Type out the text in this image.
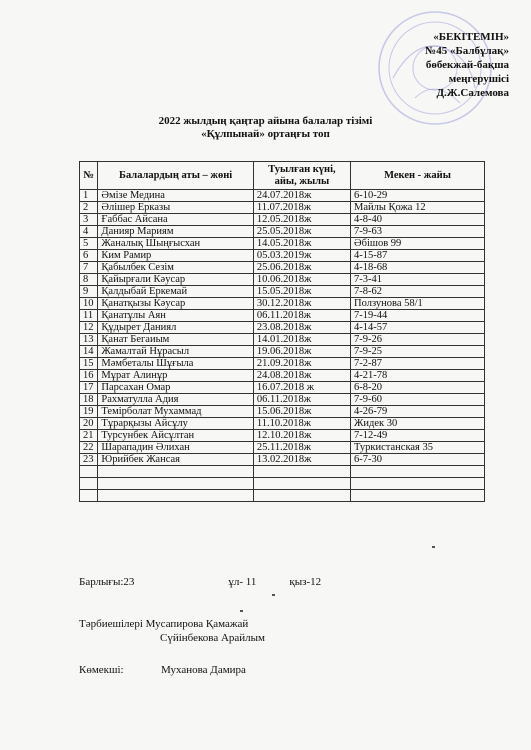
«БЕКІТЕМІН»
№45 «Балбұлақ»
бөбекжай-бақша
меңгерушісі
Д.Ж.Салемова
2022 жылдың қаңтар айына балалар тізімі
«Құлпынай» ортаңғы топ
№	Балалардың аты – жөні	Туылған күні, айы, жылы	Мекен - жайы
1	Әмізе Медина	24.07.2018ж	6-10-29
2	Әлішер Ерказы	11.07.2018ж	Майлы Қожа 12
3	Ғаббас Айсана	12.05.2018ж	4-8-40
4	Данияр Мариям	25.05.2018ж	7-9-63
5	Жаналық Шыңғысхан	14.05.2018ж	Әбішов 99
6	Ким Рамир	05.03.2019ж	4-15-87
7	Қабылбек Сезім	25.06.2018ж	4-18-68
8	Қайырғали Кәусар	10.06.2018ж	7-3-41
9	Қалдыбай Еркемай	15.05.2018ж	7-8-62
10	Қанатқызы Кәусар	30.12.2018ж	Ползунова 58/1
11	Қанатұлы Аян	06.11.2018ж	7-19-44
12	Құдырет Даниял	23.08.2018ж	4-14-57
13	Қанат Бегаиым	14.01.2018ж	7-9-26
14	Жамалтай Нұрасыл	19.06.2018ж	7-9-25
15	Мәмбеталы Шұғыла	21.09.2018ж	7-2-87
16	Мұрат Алинұр	24.08.2018ж	4-21-78
17	Парсахан Омар	16.07.2018 ж	6-8-20
18	Рахматулла Адия	06.11.2018ж	7-9-60
19	Темірболат Мухаммад	15.06.2018ж	4-26-79
20	Тұрарқызы Айсұлу	11.10.2018ж	Жидек 30
21	Турсунбек Айсұлтан	12.10.2018ж	7-12-49
22	Шарападин Әлихан	25.11.2018ж	Туркистанская 35
23	Юрийбек Жансая	13.02.2018ж	6-7-30

Барлығы:23	ұл- 11	қыз-12
Тәрбиешілері Мусапирова Қамажай
Сүйінбекова Арайлым
Көмекші:	Муханова Дамира
